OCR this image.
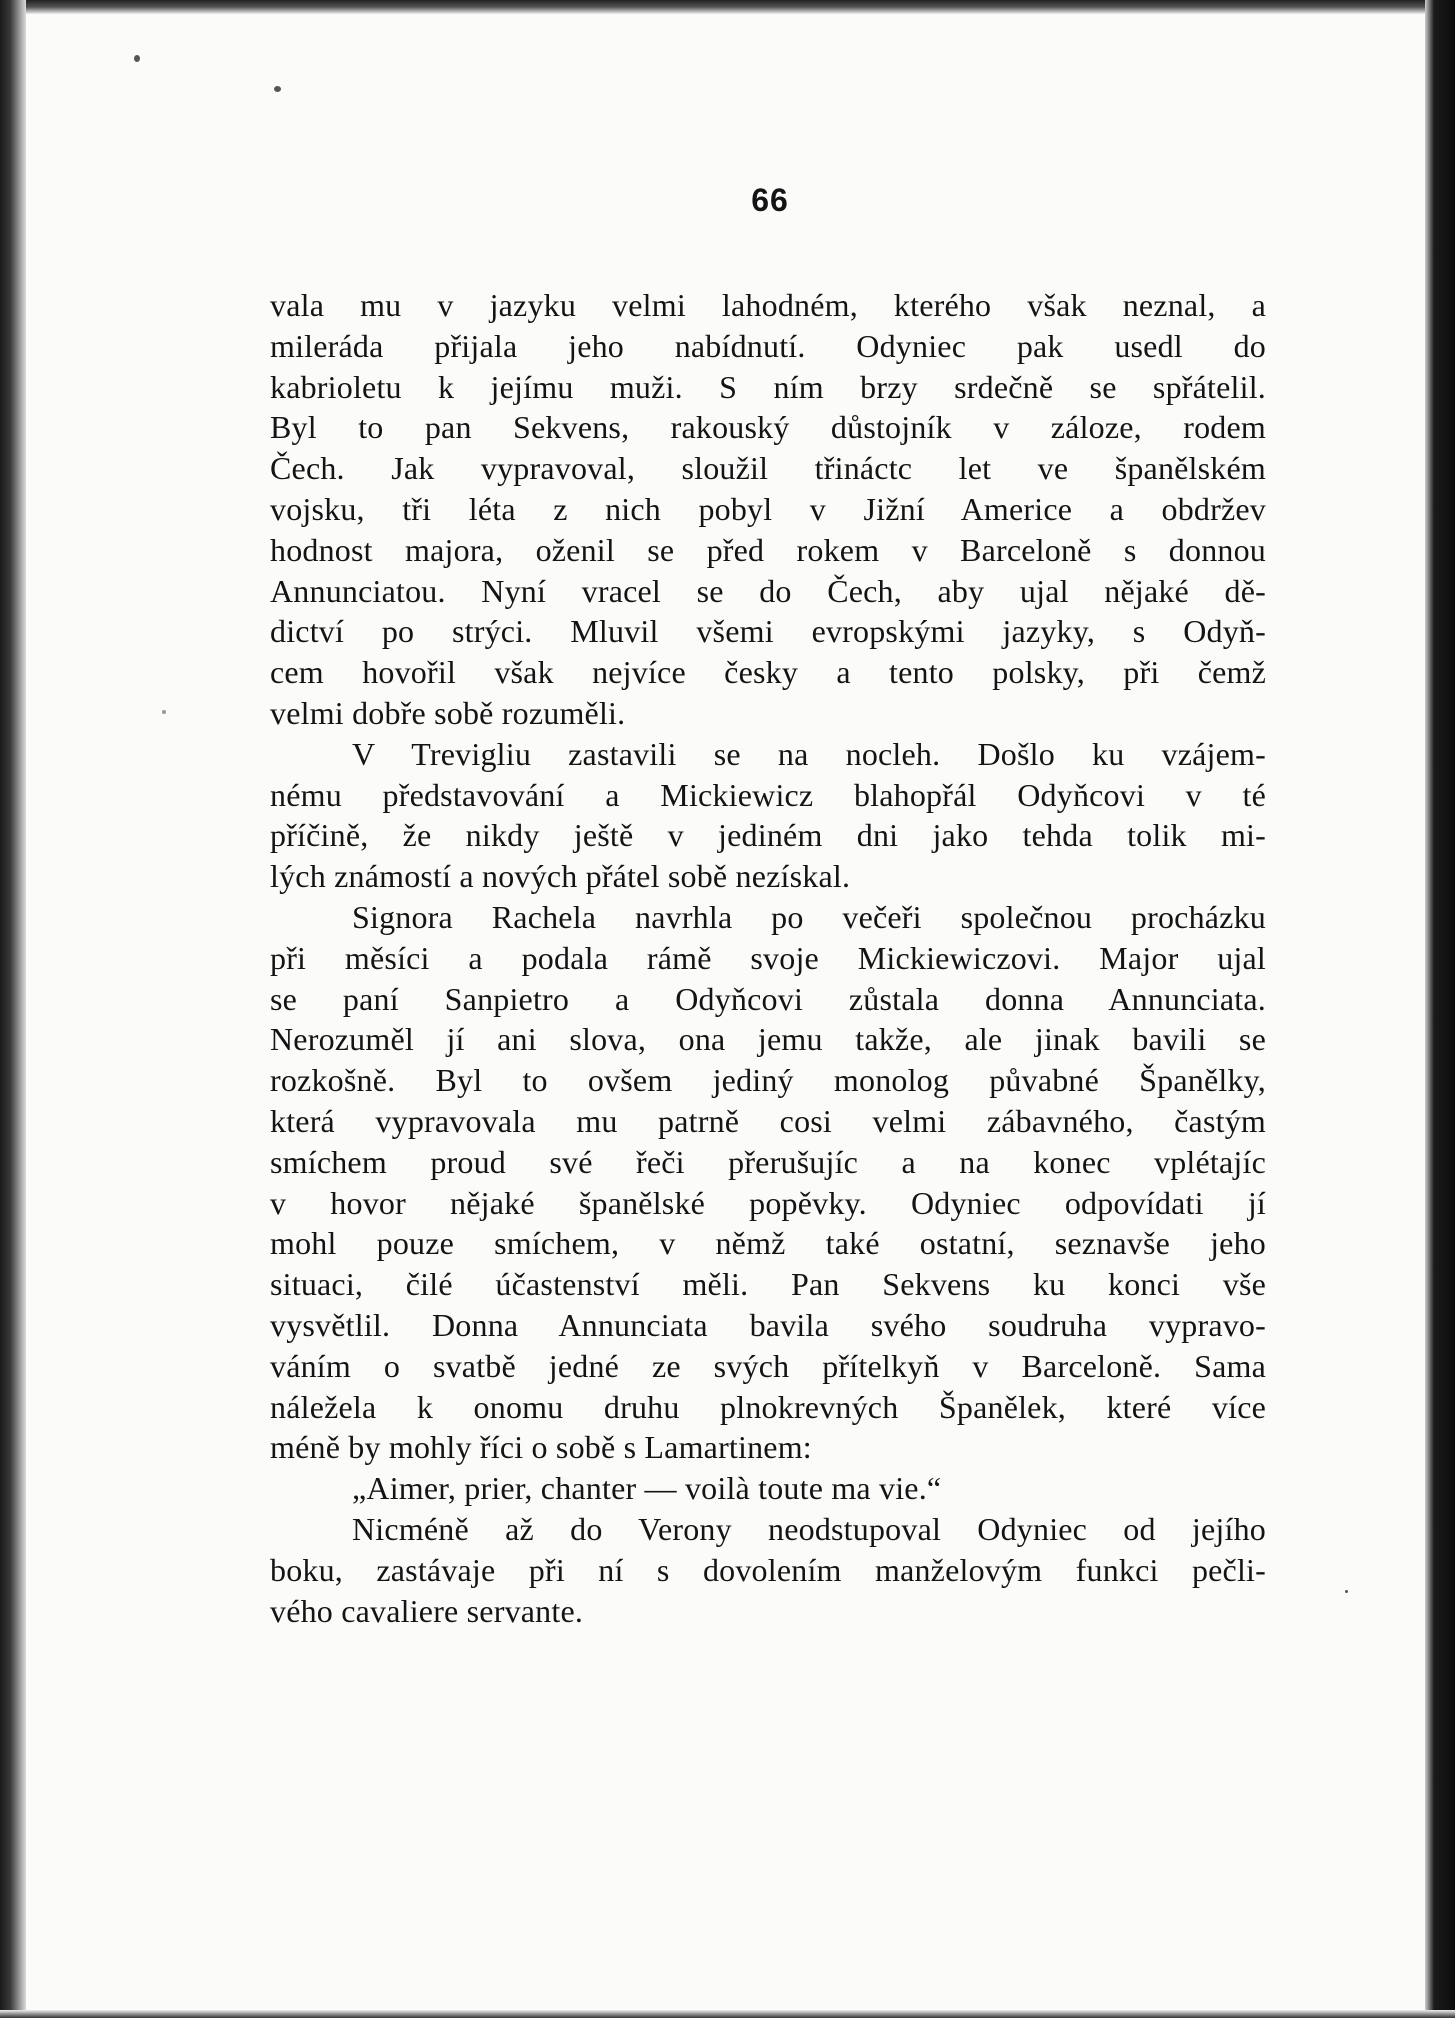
66
vala mu v jazyku velmi lahodném, kterého však neznal, a
mileráda přijala jeho nabídnutí. Odyniec pak usedl do
kabrioletu k jejímu muži. S ním brzy srdečně se spřátelil.
Byl to pan Sekvens, rakouský důstojník v záloze, rodem
Čech. Jak vypravoval, sloužil třináctc let ve španělském
vojsku, tři léta z nich pobyl v Jižní Americe a obdržev
hodnost majora, oženil se před rokem v Barceloně s donnou
Annunciatou. Nyní vracel se do Čech, aby ujal nějaké dě-
dictví po strýci. Mluvil všemi evropskými jazyky, s Odyň-
cem hovořil však nejvíce česky a tento polsky, při čemž
velmi dobře sobě rozuměli.
V Trevigliu zastavili se na nocleh. Došlo ku vzájem-
nému představování a Mickiewicz blahopřál Odyňcovi v té
příčině, že nikdy ještě v jediném dni jako tehda tolik mi-
lých známostí a nových přátel sobě nezískal.
Signora Rachela navrhla po večeři společnou procházku
při měsíci a podala rámě svoje Mickiewiczovi. Major ujal
se paní Sanpietro a Odyňcovi zůstala donna Annunciata.
Nerozuměl jí ani slova, ona jemu takže, ale jinak bavili se
rozkošně. Byl to ovšem jediný monolog půvabné Španělky,
která vypravovala mu patrně cosi velmi zábavného, častým
smíchem proud své řeči přerušujíc a na konec vplétajíc
v hovor nějaké španělské popěvky. Odyniec odpovídati jí
mohl pouze smíchem, v němž také ostatní, seznavše jeho
situaci, čilé účastenství měli. Pan Sekvens ku konci vše
vysvětlil. Donna Annunciata bavila svého soudruha vypravo-
váním o svatbě jedné ze svých přítelkyň v Barceloně. Sama
náležela k onomu druhu plnokrevných Španělek, které více
méně by mohly říci o sobě s Lamartinem:
„Aimer, prier, chanter — voilà toute ma vie.“
Nicméně až do Verony neodstupoval Odyniec od jejího
boku, zastávaje při ní s dovolením manželovým funkci pečli-
vého cavaliere servante.
